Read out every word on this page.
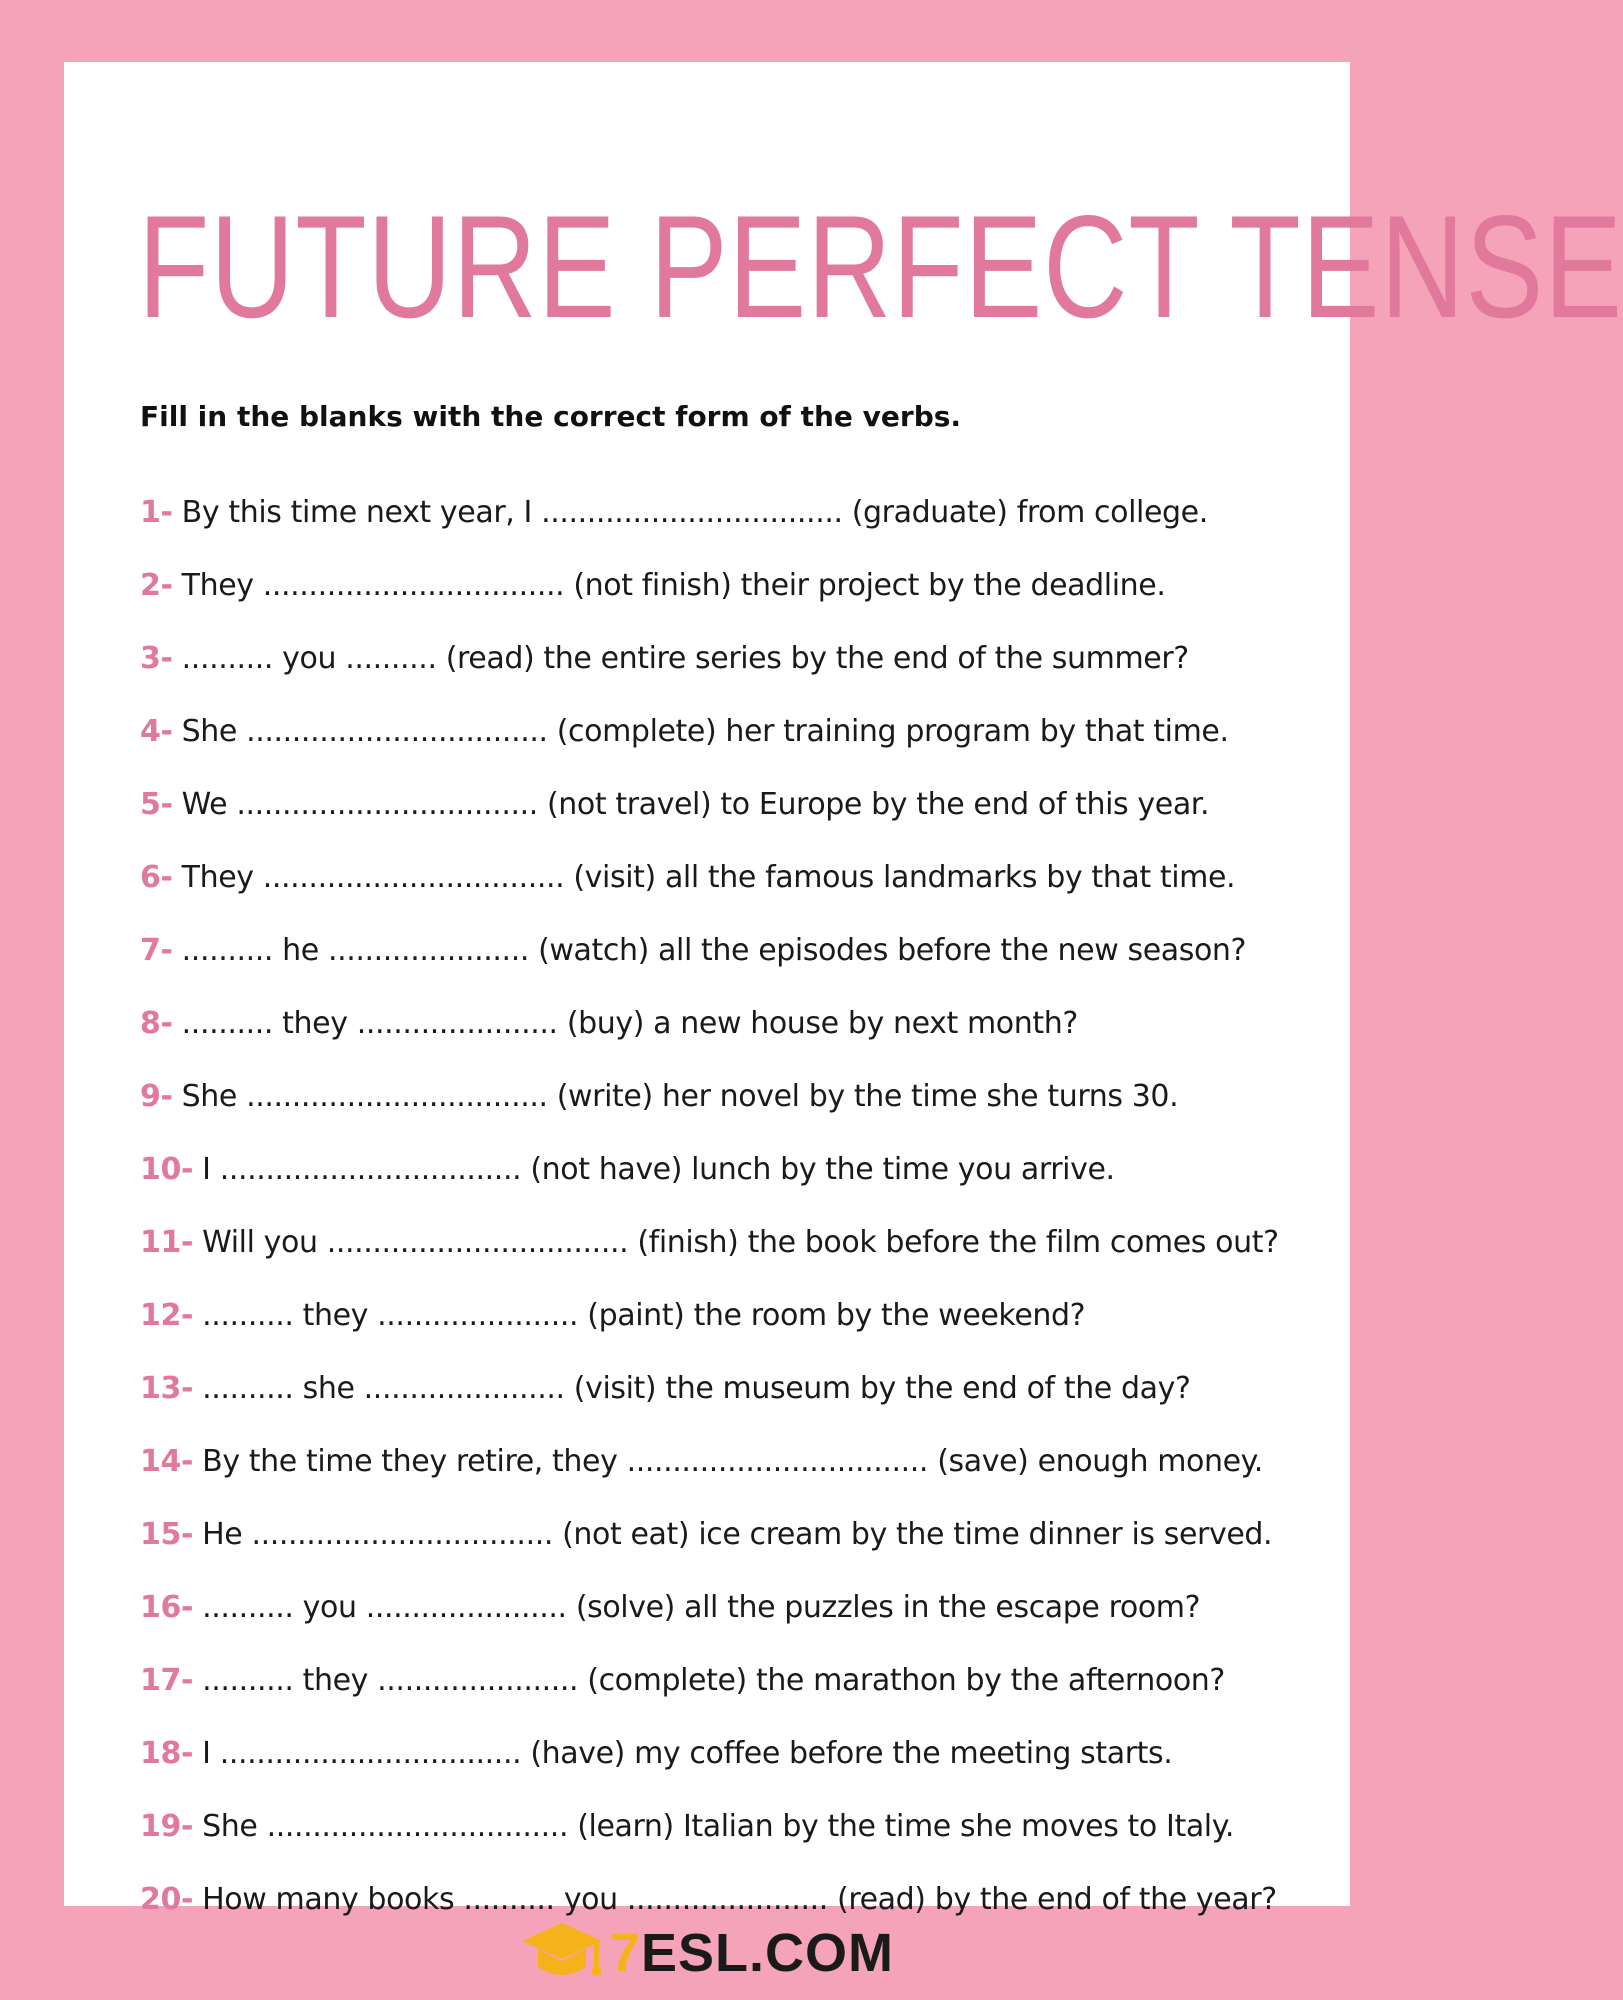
FUTURE PERFECT TENSE

Fill in the blanks with the correct form of the verbs.

1- By this time next year, I ................................. (graduate) from college.
2- They ................................. (not finish) their project by the deadline.
3- .......... you .......... (read) the entire series by the end of the summer?
4- She ................................. (complete) her training program by that time.
5- We ................................. (not travel) to Europe by the end of this year.
6- They ................................. (visit) all the famous landmarks by that time.
7- .......... he ...................... (watch) all the episodes before the new season?
8- .......... they ...................... (buy) a new house by next month?
9- She ................................. (write) her novel by the time she turns 30.
10- I ................................. (not have) lunch by the time you arrive.
11- Will you ................................. (finish) the book before the film comes out?
12- .......... they ...................... (paint) the room by the weekend?
13- .......... she ...................... (visit) the museum by the end of the day?
14- By the time they retire, they ................................. (save) enough money.
15- He ................................. (not eat) ice cream by the time dinner is served.
16- .......... you ...................... (solve) all the puzzles in the escape room?
17- .......... they ...................... (complete) the marathon by the afternoon?
18- I ................................. (have) my coffee before the meeting starts.
19- She ................................. (learn) Italian by the time she moves to Italy.
20- How many books .......... you ...................... (read) by the end of the year?
7ESL.COM
